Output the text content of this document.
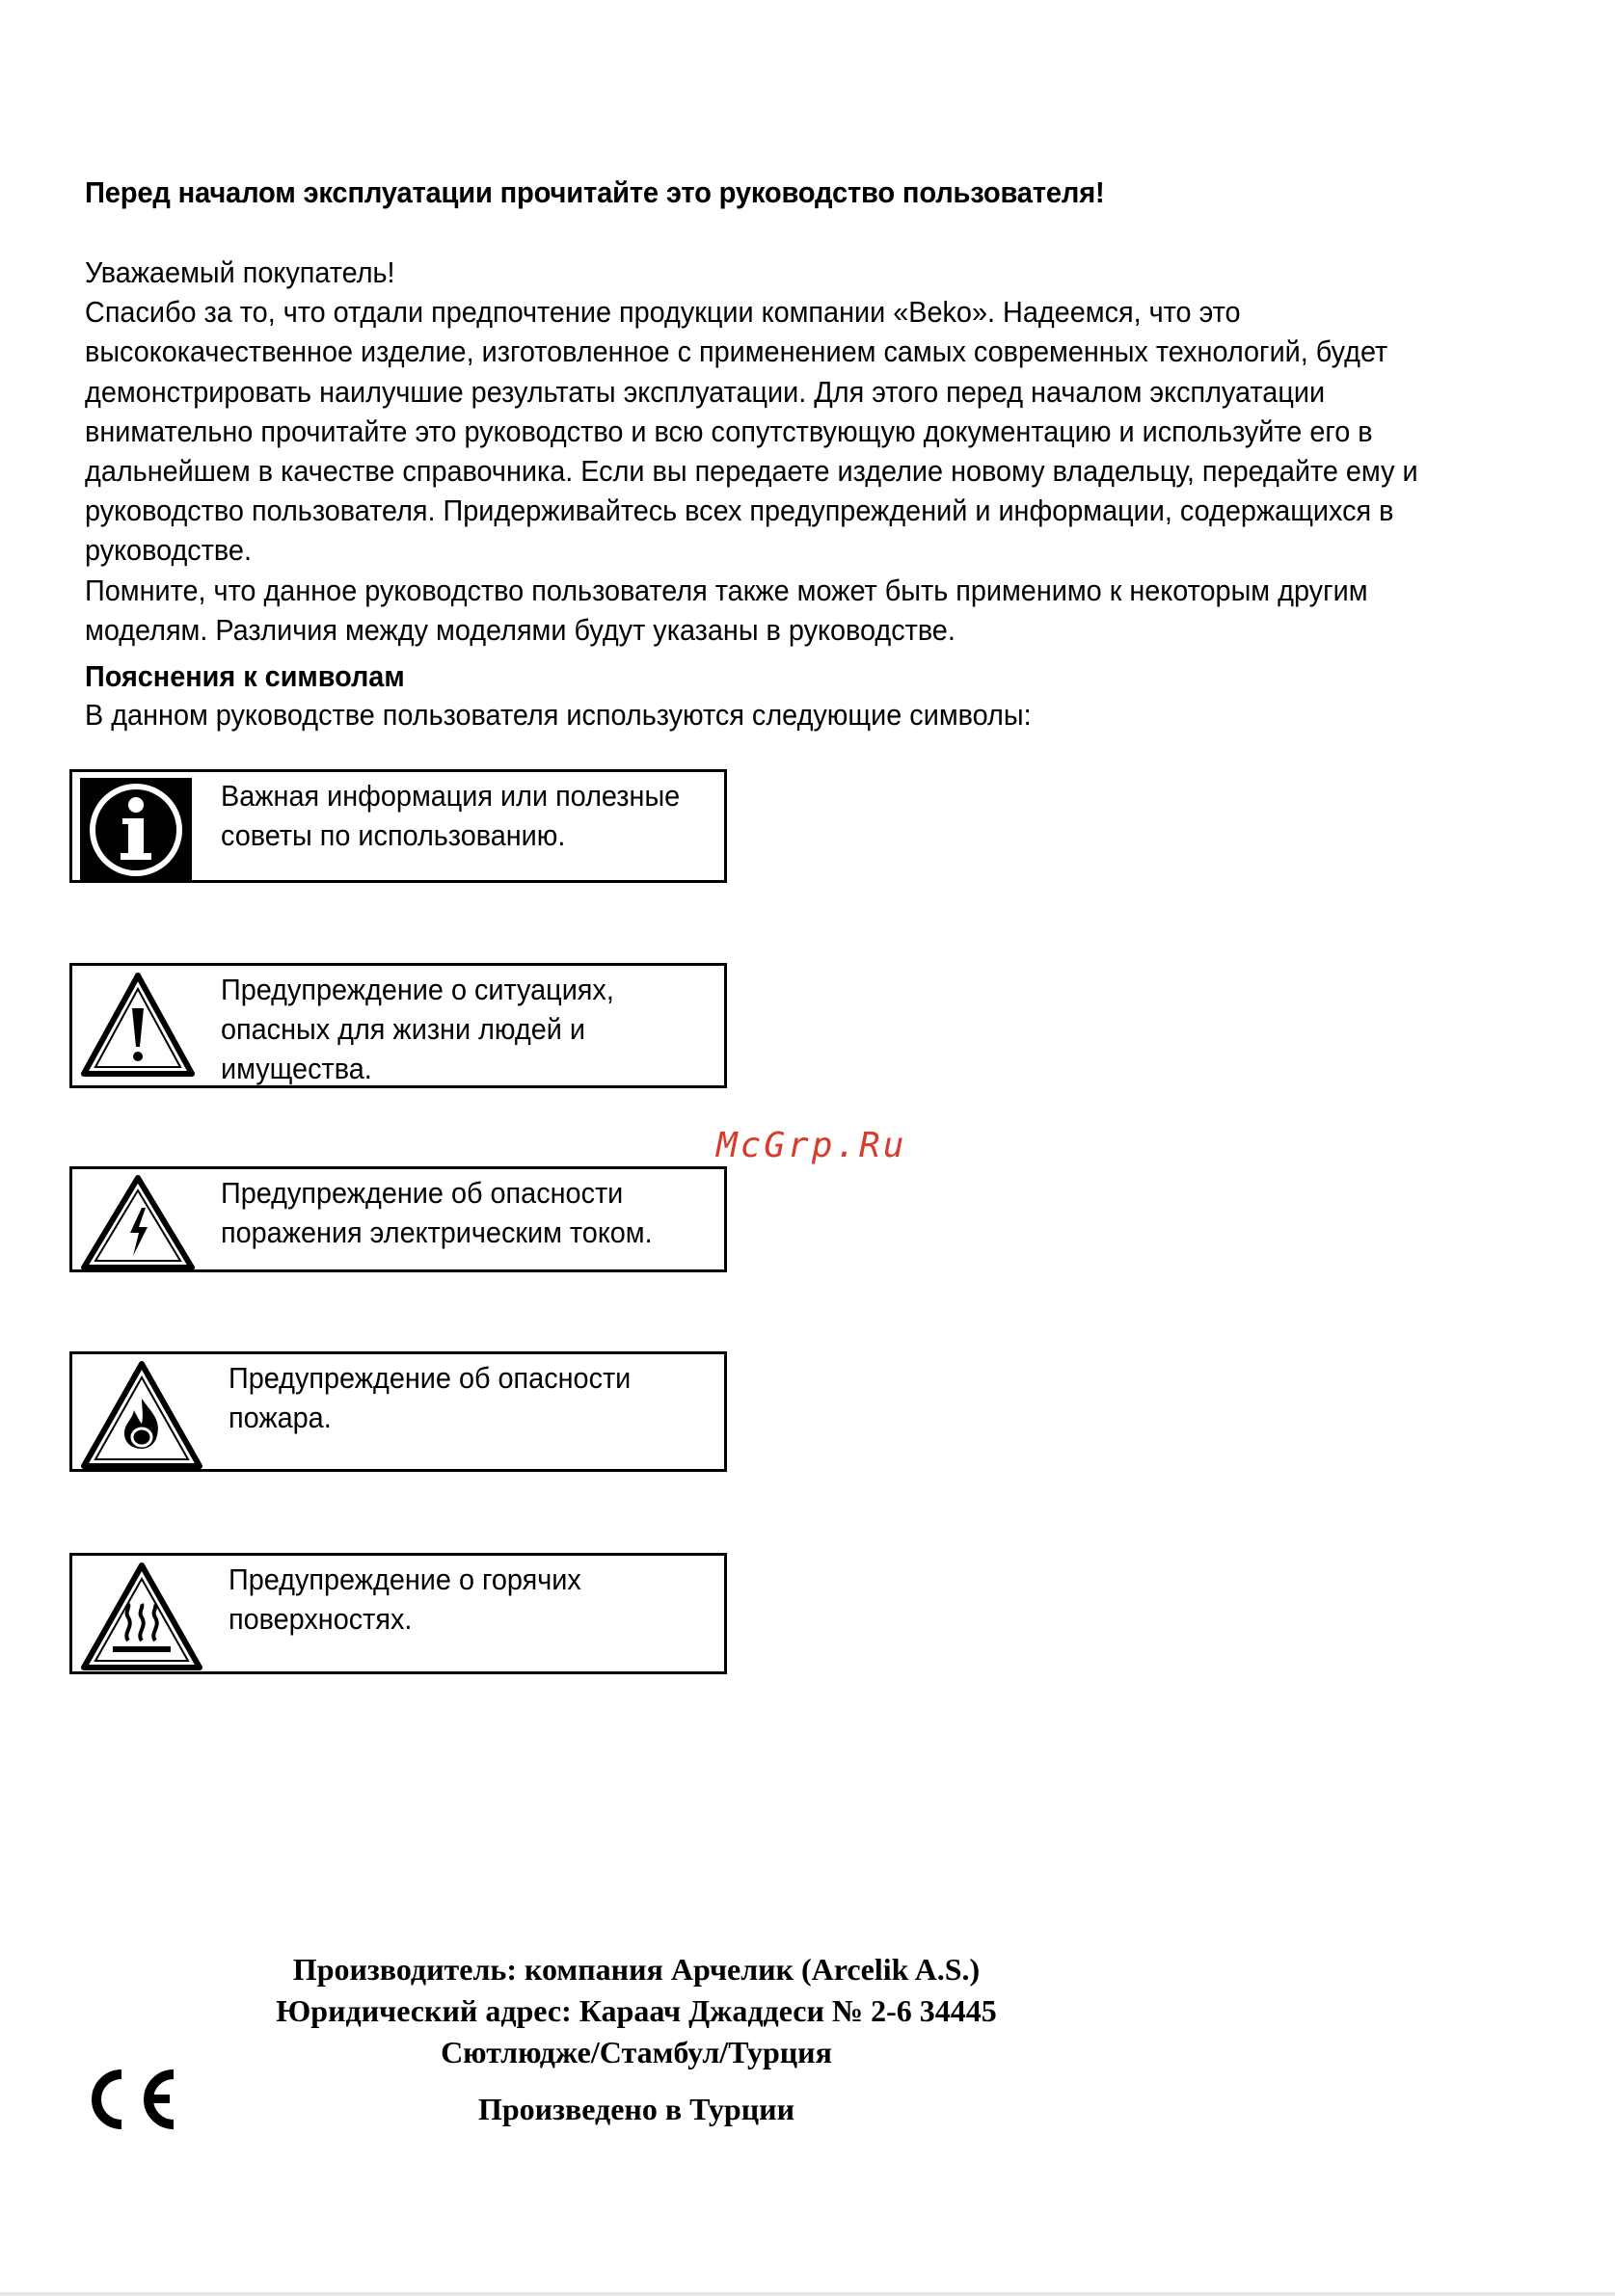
Перед началом эксплуатации прочитайте это руководство пользователя!

Уважаемый покупатель!

Спасибо за то, что отдали предпочтение продукции компании «Beko». Надеемся, что это

высококачественное изделие, изготовленное с применением самых современных технологий, будет

демонстрировать наилучшие результаты эксплуатации. Для этого перед началом эксплуатации

внимательно прочитайте это руководство и всю сопутствующую документацию и используйте его в

дальнейшем в качестве справочника. Если вы передаете изделие новому владельцу, передайте ему и

руководство пользователя. Придерживайтесь всех предупреждений и информации, содержащихся в

руководстве.

Помните, что данное руководство пользователя также может быть применимо к некоторым другим

моделям. Различия между моделями будут указаны в руководстве.

Пояснения к символам
В данном руководстве пользователя используются следующие символы:
Важная информация или полезные
советы по использованию.
Предупреждение о ситуациях,
опасных для жизни людей и
имущества.
Предупреждение об опасности
поражения электрическим током.
Предупреждение об опасности
пожара.
Предупреждение о горячих
поверхностях.
McGrp.Ru
Производитель: компания Арчелик (Arcelik A.S.)
Юридический адрес: Карaач Джаддеси № 2-6 34445
Сютлюдже/Стамбул/Турция
Произведено в Турции
